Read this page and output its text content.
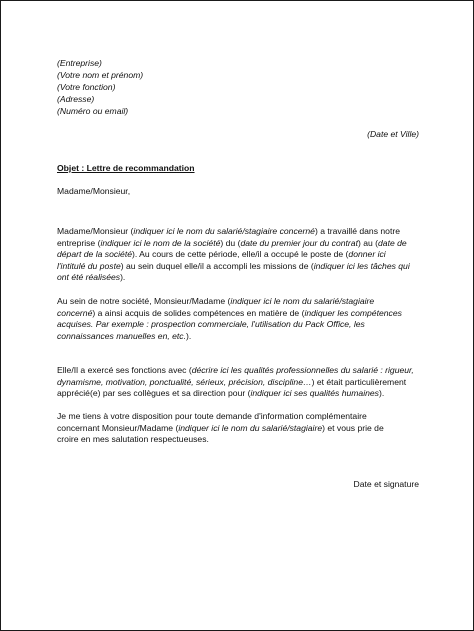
(Entreprise)
(Votre nom et prénom)
(Votre fonction)
(Adresse)
(Numéro ou email)
(Date et Ville)
Objet : Lettre de recommandation
Madame/Monsieur,
Madame/Monsieur (indiquer ici le nom du salarié/stagiaire concerné) a travaillé dans notre
entreprise (indiquer ici le nom de la société) du (date du premier jour du contrat) au (date de
départ de la société). Au cours de cette période, elle/il a occupé le poste de (donner ici
l'intitulé du poste) au sein duquel elle/il a accompli les missions de (indiquer ici les tâches qui
ont été réalisées).
Au sein de notre société, Monsieur/Madame (indiquer ici le nom du salarié/stagiaire
concerné) a ainsi acquis de solides compétences en matière de (indiquer les compétences
acquises. Par exemple : prospection commerciale, l'utilisation du Pack Office, les
connaissances manuelles en, etc.).
Elle/Il a exercé ses fonctions avec (décrire ici les qualités professionnelles du salarié : rigueur,
dynamisme, motivation, ponctualité, sérieux, précision, discipline…) et était particulièrement
apprécié(e) par ses collègues et sa direction pour (indiquer ici ses qualités humaines).
Je me tiens à votre disposition pour toute demande d'information complémentaire
concernant Monsieur/Madame (indiquer ici le nom du salarié/stagiaire) et vous prie de
croire en mes salutation respectueuses.
Date et signature
